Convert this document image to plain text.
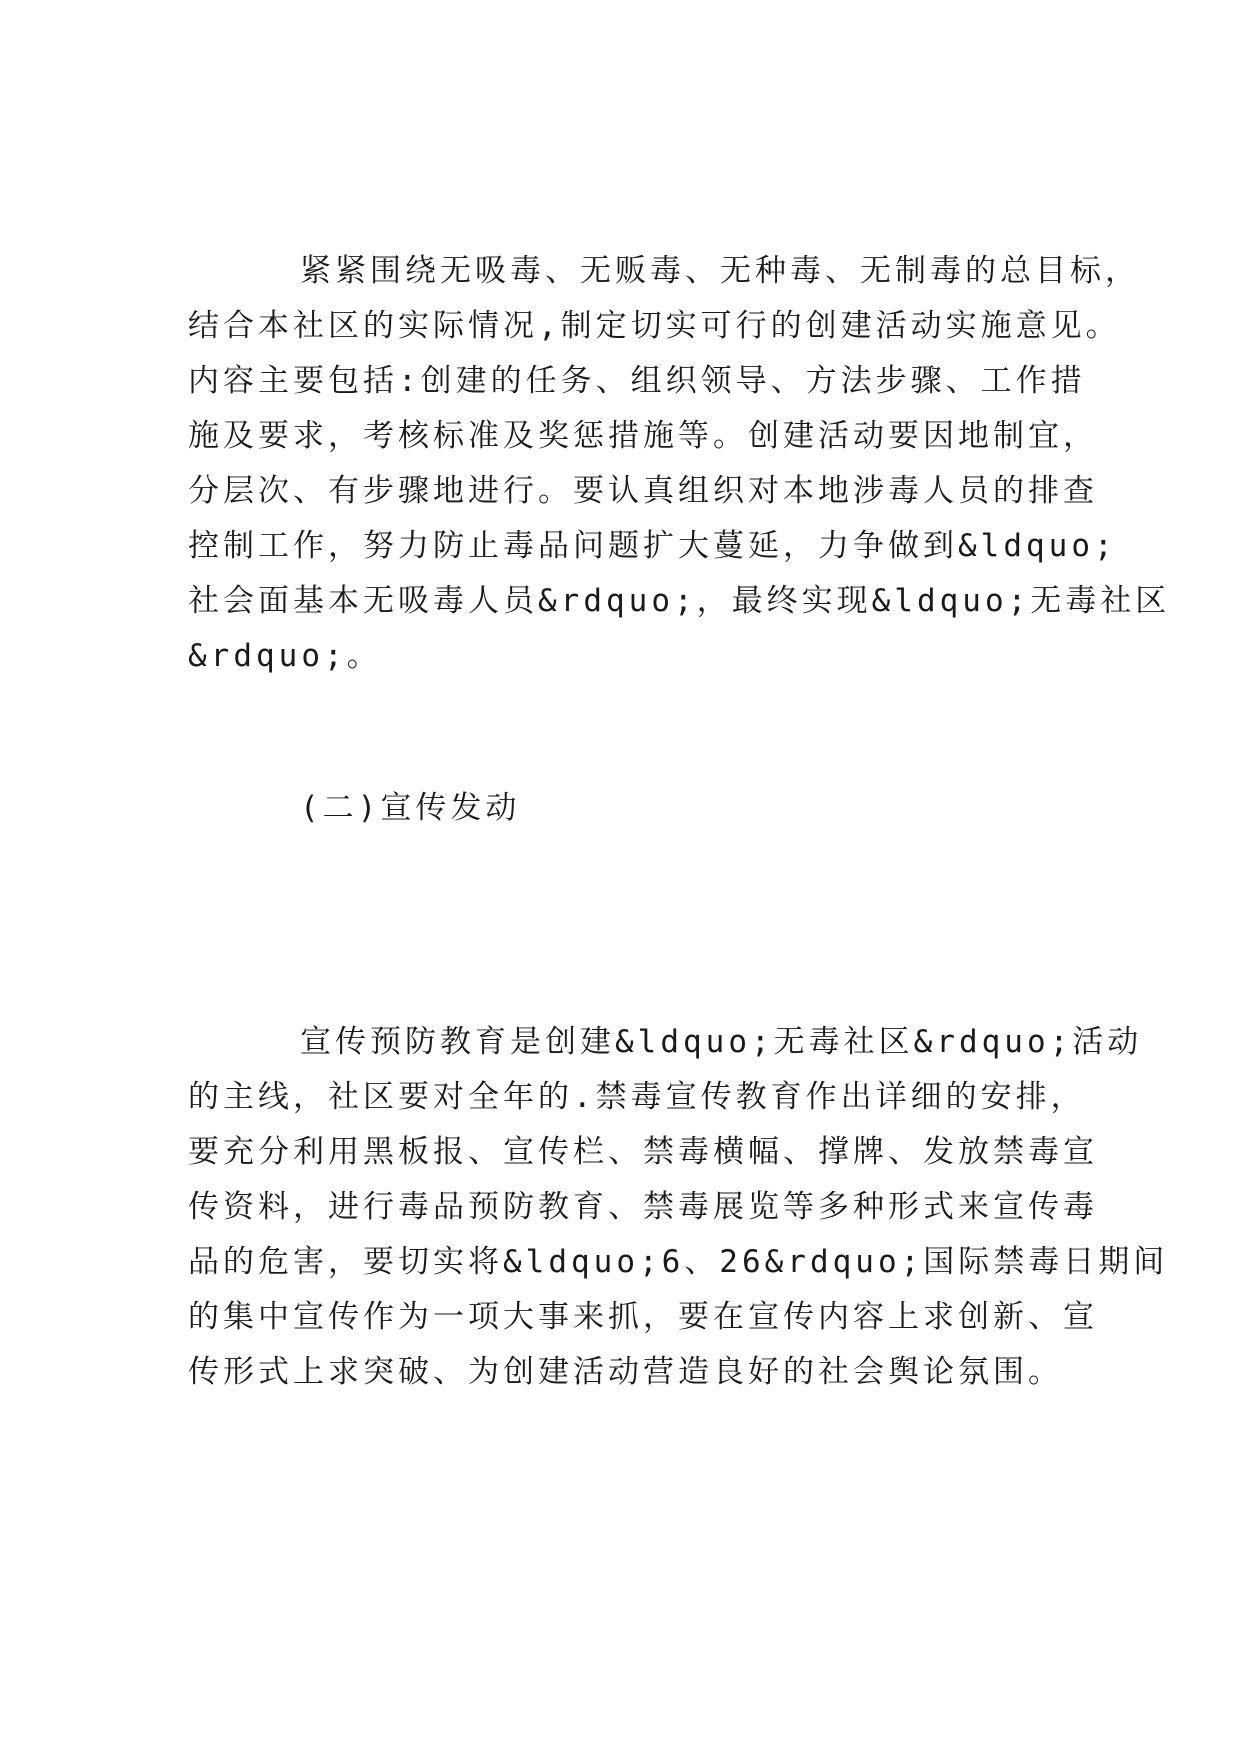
紧紧围绕无吸毒、无贩毒、无种毒、无制毒的总目标，
结合本社区的实际情况,制定切实可行的创建活动实施意见。
内容主要包括:创建的任务、组织领导、方法步骤、工作措
施及要求，考核标准及奖惩措施等。创建活动要因地制宜，
分层次、有步骤地进行。要认真组织对本地涉毒人员的排查
控制工作，努力防止毒品问题扩大蔓延，力争做到&ldquo;
社会面基本无吸毒人员&rdquo;，最终实现&ldquo;无毒社区
&rdquo;。
(二)宣传发动
宣传预防教育是创建&ldquo;无毒社区&rdquo;活动
的主线，社区要对全年的.禁毒宣传教育作出详细的安排，
要充分利用黑板报、宣传栏、禁毒横幅、撑牌、发放禁毒宣
传资料，进行毒品预防教育、禁毒展览等多种形式来宣传毒
品的危害，要切实将&ldquo;6、26&rdquo;国际禁毒日期间
的集中宣传作为一项大事来抓，要在宣传内容上求创新、宣
传形式上求突破、为创建活动营造良好的社会舆论氛围。
